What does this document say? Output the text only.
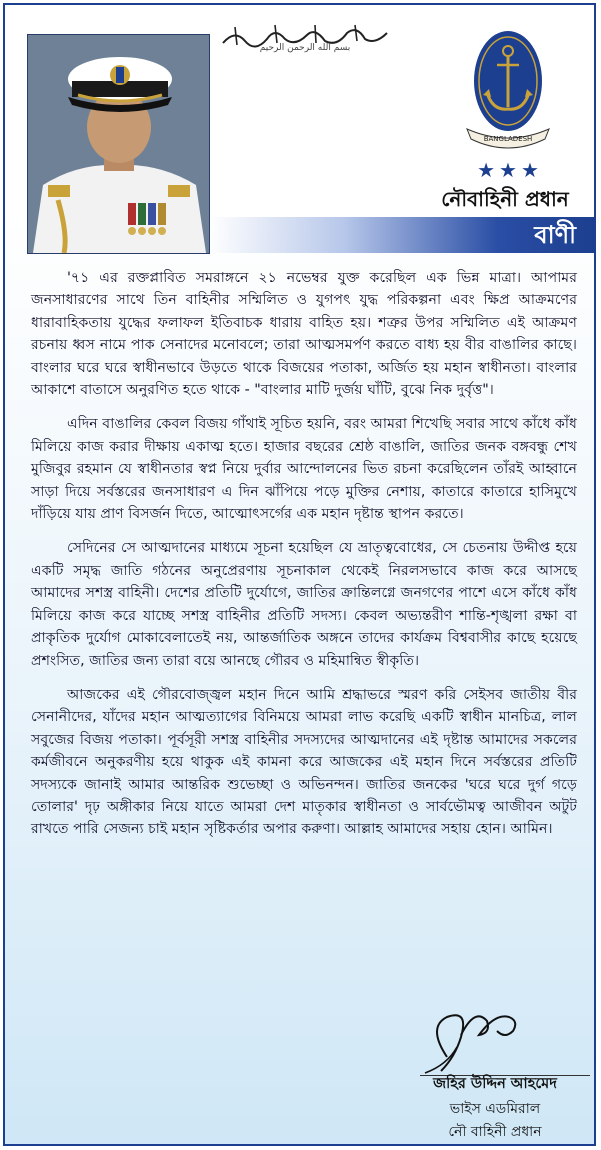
بسم الله الرحمن الرحيم
BANGLADESH
★★★
নৌবাহিনী প্রধান
বাণী

'৭১ এর রক্তপ্লাবিত সমরাঙ্গনে ২১ নভেম্বর যুক্ত করেছিল এক ভিন্ন মাত্রা। আপামর জনসাধারণের সাথে তিন বাহিনীর সম্মিলিত ও যুগপৎ যুদ্ধ পরিকল্পনা এবং ক্ষিপ্র আক্রমণের ধারাবাহিকতায় যুদ্ধের ফলাফল ইতিবাচক ধারায় বাহিত হয়। শত্রুর উপর সম্মিলিত এই আক্রমণ রচনায় ধ্বস নামে পাক সেনাদের মনোবলে; তারা আত্মসমর্পণ করতে বাধ্য হয় বীর বাঙালির কাছে। বাংলার ঘরে ঘরে স্বাধীনভাবে উড়তে থাকে বিজয়ের পতাকা, অর্জিত হয় মহান স্বাধীনতা। বাংলার আকাশে বাতাসে অনুরণিত হতে থাকে - "বাংলার মাটি দুর্জয় ঘাঁটি, বুঝে নিক দুর্বৃত্ত"।

এদিন বাঙালির কেবল বিজয় গাঁথাই সূচিত হয়নি, বরং আমরা শিখেছি সবার সাথে কাঁধে কাঁধ মিলিয়ে কাজ করার দীক্ষায় একাত্ম হতে। হাজার বছরের শ্রেষ্ঠ বাঙালি, জাতির জনক বঙ্গবন্ধু শেখ মুজিবুর রহমান যে স্বাধীনতার স্বপ্ন নিয়ে দুর্বার আন্দোলনের ভিত রচনা করেছিলেন তাঁরই আহ্বানে সাড়া দিয়ে সর্বস্তরের জনসাধারণ এ দিন ঝাঁপিয়ে পড়ে মুক্তির নেশায়, কাতারে কাতারে হাসিমুখে দাঁড়িয়ে যায় প্রাণ বিসর্জন দিতে, আত্মোৎসর্গের এক মহান দৃষ্টান্ত স্থাপন করতে।

সেদিনের সে আত্মদানের মাধ্যমে সূচনা হয়েছিল যে ভ্রাতৃত্ববোধের, সে চেতনায় উদ্দীপ্ত হয়ে একটি সমৃদ্ধ জাতি গঠনের অনুপ্রেরণায় সূচনাকাল থেকেই নিরলসভাবে কাজ করে আসছে আমাদের সশস্ত্র বাহিনী। দেশের প্রতিটি দুর্যোগে, জাতির ক্রান্তিলগ্নে জনগণের পাশে এসে কাঁধে কাঁধ মিলিয়ে কাজ করে যাচ্ছে সশস্ত্র বাহিনীর প্রতিটি সদস্য। কেবল অভ্যন্তরীণ শান্তি-শৃঙ্খলা রক্ষা বা প্রাকৃতিক দুর্যোগ মোকাবেলাতেই নয়, আন্তর্জাতিক অঙ্গনে তাদের কার্যক্রম বিশ্ববাসীর কাছে হয়েছে প্রশংসিত, জাতির জন্য তারা বয়ে আনছে গৌরব ও মহিমান্বিত স্বীকৃতি।

আজকের এই গৌরবোজ্জ্বল মহান দিনে আমি শ্রদ্ধাভরে স্মরণ করি সেইসব জাতীয় বীর সেনানীদের, যাঁদের মহান আত্মত্যাগের বিনিময়ে আমরা লাভ করেছি একটি স্বাধীন মানচিত্র, লাল সবুজের বিজয় পতাকা। পূর্বসূরী সশস্ত্র বাহিনীর সদস্যদের আত্মদানের এই দৃষ্টান্ত আমাদের সকলের কর্মজীবনে অনুকরণীয় হয়ে থাকুক এই কামনা করে আজকের এই মহান দিনে সর্বস্তরের প্রতিটি সদস্যকে জানাই আমার আন্তরিক শুভেচ্ছা ও অভিনন্দন। জাতির জনকের 'ঘরে ঘরে দুর্গ গড়ে তোলার' দৃঢ় অঙ্গীকার নিয়ে যাতে আমরা দেশ মাতৃকার স্বাধীনতা ও সার্বভৌমত্ব আজীবন অটুট রাখতে পারি সেজন্য চাই মহান সৃষ্টিকর্তার অপার করুণা। আল্লাহ আমাদের সহায় হোন। আমিন।

জহির উদ্দিন আহমেদ
ভাইস এডমিরাল
নৌ বাহিনী প্রধান
